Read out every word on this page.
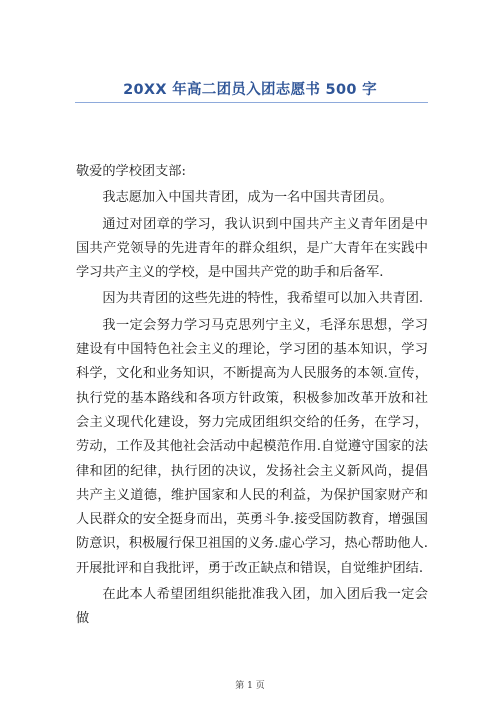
20XX 年高二团员入团志愿书 500 字

敬爱的学校团支部:

我志愿加入中国共青团，成为一名中国共青团员。

通过对团章的学习，我认识到中国共产主义青年团是中国共产党领导的先进青年的群众组织，是广大青年在实践中学习共产主义的学校，是中国共产党的助手和后备军.

因为共青团的这些先进的特性，我希望可以加入共青团.

我一定会努力学习马克思列宁主义，毛泽东思想，学习建设有中国特色社会主义的理论，学习团的基本知识，学习科学，文化和业务知识，不断提高为人民服务的本领.宣传，执行党的基本路线和各项方针政策，积极参加改革开放和社会主义现代化建设，努力完成团组织交给的任务，在学习，劳动，工作及其他社会活动中起模范作用.自觉遵守国家的法律和团的纪律，执行团的决议，发扬社会主义新风尚，提倡共产主义道德，维护国家和人民的利益，为保护国家财产和人民群众的安全挺身而出，英勇斗争.接受国防教育，增强国防意识，积极履行保卫祖国的义务.虚心学习，热心帮助他人.开展批评和自我批评，勇于改正缺点和错误，自觉维护团结.

在此本人希望团组织能批准我入团，加入团后我一定会做

第 1 页
